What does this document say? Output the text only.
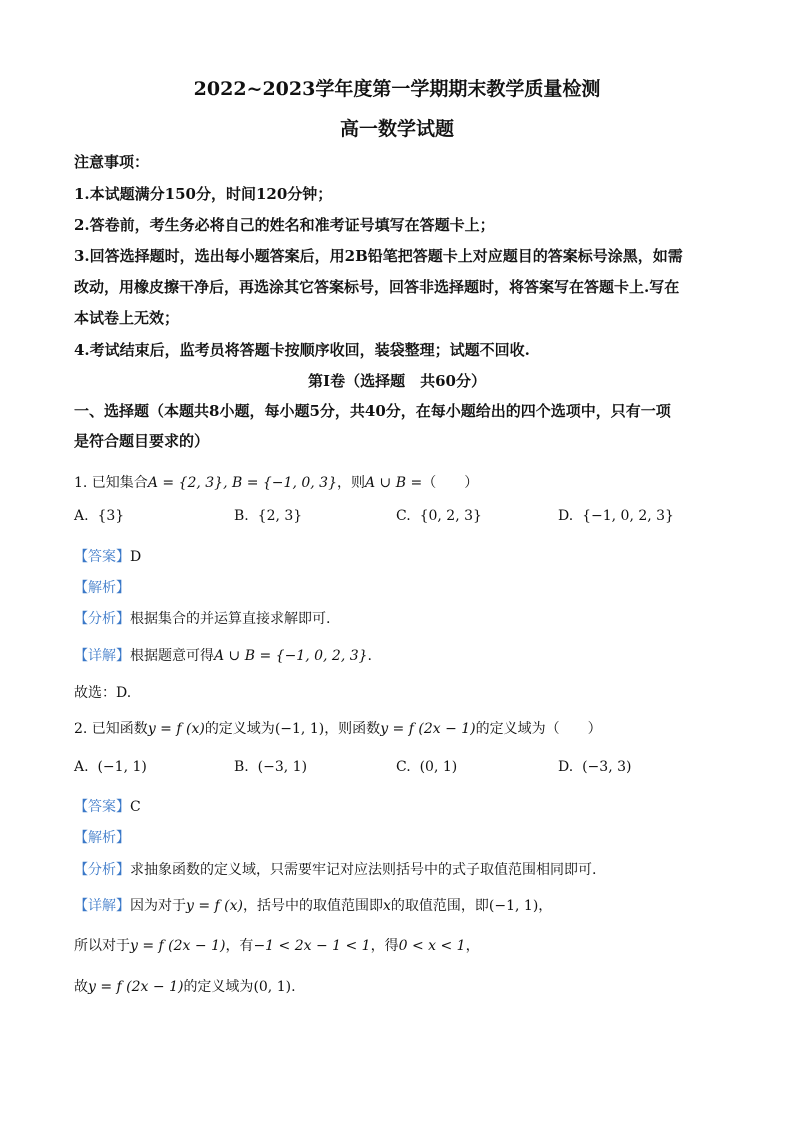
2022~2023学年度第一学期期末教学质量检测
高一数学试题
注意事项：
1.本试题满分150分，时间120分钟；
2.答卷前，考生务必将自己的姓名和准考证号填写在答题卡上；
3.回答选择题时，选出每小题答案后，用2B铅笔把答题卡上对应题目的答案标号涂黑，如需
改动，用橡皮擦干净后，再选涂其它答案标号，回答非选择题时，将答案写在答题卡上.写在
本试卷上无效；
4.考试结束后，监考员将答题卡按顺序收回，装袋整理；试题不回收.
第Ⅰ卷（选择题　共60分）
一、选择题（本题共8小题，每小题5分，共40分，在每小题给出的四个选项中，只有一项
是符合题目要求的）
1. 已知集合A = {2, 3}, B = {−1, 0, 3}，则A ∪ B =（　　）
A. {3}	B. {2, 3}	C. {0, 2, 3}	D. {−1, 0, 2, 3}
【答案】D
【解析】
【分析】根据集合的并运算直接求解即可.
【详解】根据题意可得A ∪ B = {−1, 0, 2, 3}.
故选：D.
2. 已知函数y = f (x)的定义域为(−1, 1)，则函数y = f (2x − 1)的定义域为（　　）
A. (−1, 1)	B. (−3, 1)	C. (0, 1)	D. (−3, 3)
【答案】C
【解析】
【分析】求抽象函数的定义域，只需要牢记对应法则括号中的式子取值范围相同即可.
【详解】因为对于y = f (x)，括号中的取值范围即x的取值范围，即(−1, 1)，
所以对于y = f (2x − 1)，有−1 < 2x − 1 < 1，得0 < x < 1，
故y = f (2x − 1)的定义域为(0, 1).
